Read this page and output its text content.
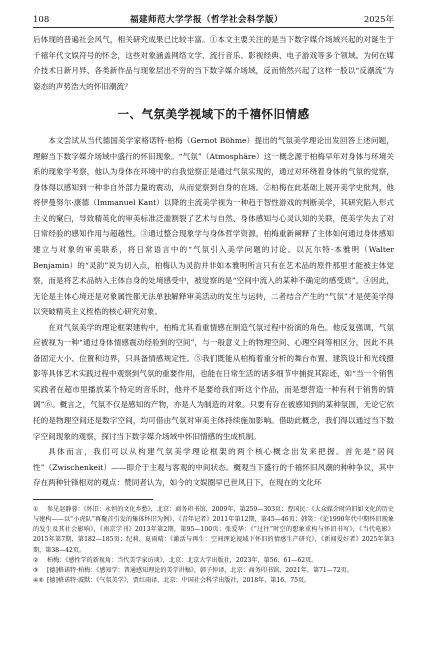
108	福建师范大学学报（哲学社会科学版）	2025年

后体现的普遍社会风气，相关研究成果已比较丰富。①本文主要关注的是当下数字媒介场域兴起的对诞生于千禧年代文娱符号的怀念，这些对象涵盖网络文学、流行音乐、影视经典、电子游戏等多个领域。为何在媒介技术日新月异、各类新作品与现象层出不穷的当下数字媒介场域，反而悄然兴起了这样一股以“反潮流”为姿态的声势浩大的怀旧潮流？

一、气氛美学视域下的千禧怀旧情感

本文尝试从当代德国美学家格诺特·柏梅（Gernot Böhme）提出的气氛美学理论出发回答上述问题，理解当下数字媒介场域中盛行的怀旧现象。“气氛”（Atmosphäre）这一概念源于柏梅早年对身体与环境关系的现象学考察，他认为身体在环境中的自我觉察正是通过气氛实现的，通过对环绕着身体的气氛的觉察，身体得以感知到一种非自外部力量的震动，从而觉察到自身的在场。②柏梅在此基础上展开美学史批判，他将伊曼努尔·康德（Immanuel Kant）以降的主流美学视为一种趋于智性游戏的判断美学，其研究陷入形式主义的窠臼，导致精英化的审美标准泛滥割裂了艺术与自然、身体感知与心灵认知的关联，使美学失去了对日常经验的感知作用与超越性。③通过整合现象学与身体哲学资源，柏梅重新阐释了主体如何通过身体感知建立与对象的审美联系，将日常语言中的“气氛引入美学问题的讨论。以瓦尔特·本雅明（Walter Benjamin）的“灵韵”说为切入点，柏梅认为灵韵并非如本雅明所言只有在艺术品的原件那里才能被主体觉察，而是将艺术品纳入主体自身的处境感受中，被觉察的是“空间中流入的某种不确定的感受质”。④因此，无论是主体心境还是对象属性都无法单独解释审美活动的发生与运转，二者结合产生的“气氛”才是使美学得以突破精英主义桎梏的核心研究对象。

在对气氛美学的理论框架建构中，柏梅尤其看重情感在制造气氛过程中扮演的角色。他反复强调，气氛应被视为一种“通过身体情感震动经验到的空间”，与一般意义上的物理空间、心理空间等相区分，因此不具备固定大小、位置和边界，只具备情感规定性。⑤我们既能从柏梅着重分析的舞台布置、建筑设计和光线摄影等具体艺术实践过程中观察到气氛的重要作用，也能在日常生活的诸多细节中捕捉其踪迹，如“当一个销售实践者在超市里播放某个特定的音乐时，他并不是要给我们听这个作品，而是想营造一种有利于销售的情调”⑥。概言之，气氛不仅是感知的产物，亦是人为制造的对象。只要有存在被感知到的某种氛围，无论它依托的是物理空间还是数字空间，均可借由气氛对审美主体持续施加影响。借助此概念，我们得以通过当下数字空间现象的观察，探讨当下数字媒介场域中怀旧情感的生成机制。

具体而言，我们可以从构建气氛美学理论框架的两个核心概念出发来把握。首先是“居间性”（Zwischenkeit）——即介于主观与客观的中间状态。概观当下盛行的千禧怀旧风潮的种种争议，其中存在两种针锋相对的观点：赞同者认为，如今的文娱圈早已世风日下，在现在的文化环

① 参见赵静蓉：《怀旧：永恒的文化乡愁》，北京：商务印书馆，2009年，第259—303页；曹国民：《大众媒介时尚旧如文化的历史与建构——以“小虎队”再聚首引发的集体怀旧为例》，《青年记者》2011年第12期，第45—46页；韩笑：《论1990年代中期怀旧现象的发生及其社会影响》，《南京学刊》2013年第2期，第95—100页；张爱华：《“过往”时空的想象重构与怀旧书写》，《当代电影》2015年第7期，第182—185页；纪莉、夏雨晴：《激活与再生：空间理论视域下怀旧的情感生产研究》，《新闻爱好者》2025年第3期，第38—42页。

② 柏梅：《感性学的新视角：当代美学家访谈》，北京：北京大学出版社，2023年，第56、61—62页。

③ [德]格诺特·柏梅：《感知学：普通感知理论的美学讲稿》，韩子仲译，北京：商务印书馆，2021年，第71—72页。

④⑥ [德]格诺特·波默：《气氛美学》，贾红雨译，北京：中国社会科学出版社，2018年，第16、75页。
